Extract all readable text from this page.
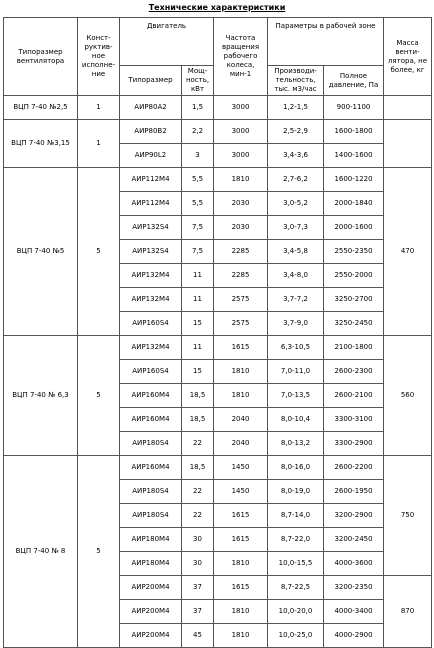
Технические характеристики
Типоразмер вентилятора	Конст-руктив-ное исполне-ние	Двигатель		Частота вращения рабочего колеса, мин-1	Параметры в рабочей зоне		Масса венти-лятора, не более, кг
		Типоразмер	Мощ-ность, кВт		Производи-тельность, тыс. м3/час	Полное давление, Па	
ВЦП 7-40 №2,5	1	АИР80А2	1,5	3000	1,2-1,5	900-1100	
ВЦП 7-40 №3,15	1	АИР80В2	2,2	3000	2,5-2,9	1600-1800	
		АИР90L2	3	3000	3,4-3,6	1400-1600	
ВЦП 7-40 №5	5	АИР112М4	5,5	1810	2,7-6,2	1600-1220	470
		АИР112М4	5,5	2030	3,0-5,2	2000-1840	
		АИР132S4	7,5	2030	3,0-7,3	2000-1600	
		АИР132S4	7,5	2285	3,4-5,8	2550-2350	
		АИР132М4	11	2285	3,4-8,0	2550-2000	
		АИР132М4	11	2575	3,7-7,2	3250-2700	
		АИР160S4	15	2575	3,7-9,0	3250-2450	
ВЦП 7-40 № 6,3	5	АИР132М4	11	1615	6,3-10,5	2100-1800	560
		АИР160S4	15	1810	7,0-11,0	2600-2300	
		АИР160М4	18,5	1810	7,0-13,5	2600-2100	
		АИР160М4	18,5	2040	8,0-10,4	3300-3100	
		АИР180S4	22	2040	8,0-13,2	3300-2900	
ВЦП 7-40 № 8	5	АИР160М4	18,5	1450	8,0-16,0	2600-2200	750
		АИР180S4	22	1450	8,0-19,0	2600-1950	
		АИР180S4	22	1615	8,7-14,0	3200-2900	
		АИР180М4	30	1615	8,7-22,0	3200-2450	
		АИР180М4	30	1810	10,0-15,5	4000-3600	
		АИР200М4	37	1615	8,7-22,5	3200-2350	870
		АИР200М4	37	1810	10,0-20,0	4000-3400	
		АИР200М4	45	1810	10,0-25,0	4000-2900	
